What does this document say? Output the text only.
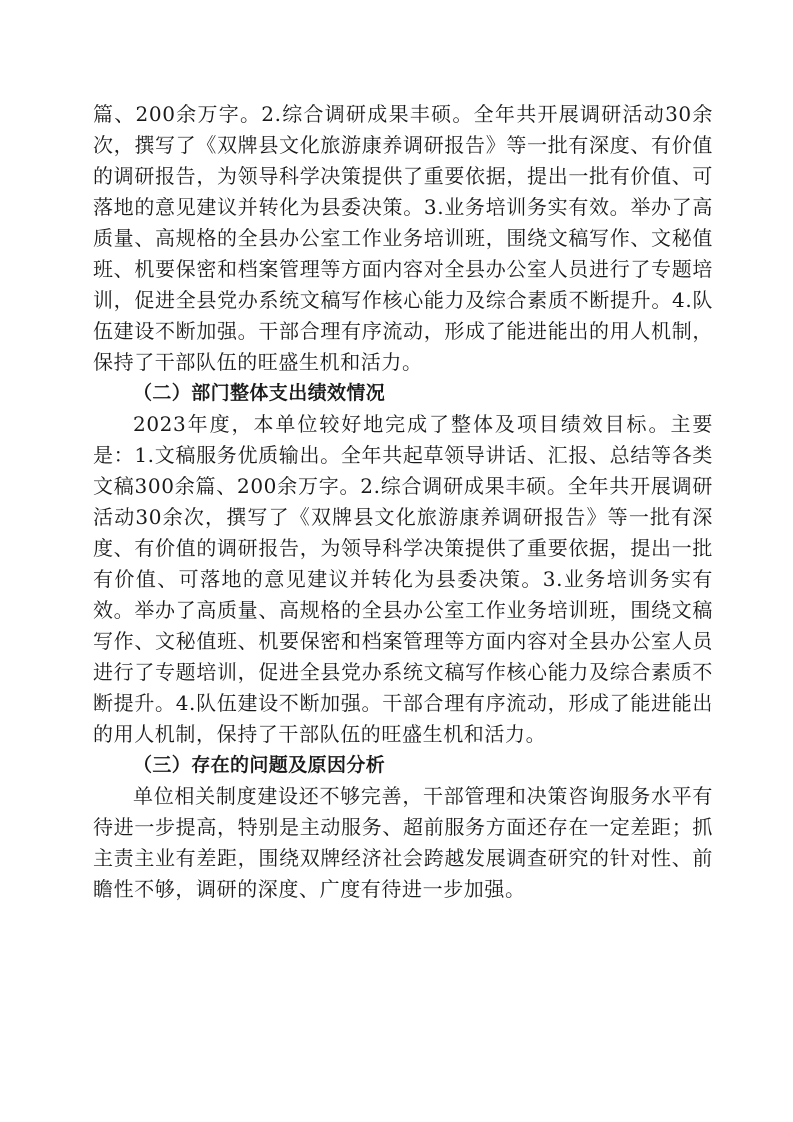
篇、200余万字。2.综合调研成果丰硕。全年共开展调研活动30余次，撰写了《双牌县文化旅游康养调研报告》等一批有深度、有价值的调研报告，为领导科学决策提供了重要依据，提出一批有价值、可落地的意见建议并转化为县委决策。3.业务培训务实有效。举办了高质量、高规格的全县办公室工作业务培训班，围绕文稿写作、文秘值班、机要保密和档案管理等方面内容对全县办公室人员进行了专题培训，促进全县党办系统文稿写作核心能力及综合素质不断提升。4.队伍建设不断加强。干部合理有序流动，形成了能进能出的用人机制，保持了干部队伍的旺盛生机和活力。

（二）部门整体支出绩效情况

2023年度，本单位较好地完成了整体及项目绩效目标。主要是：1.文稿服务优质输出。全年共起草领导讲话、汇报、总结等各类文稿300余篇、200余万字。2.综合调研成果丰硕。全年共开展调研活动30余次，撰写了《双牌县文化旅游康养调研报告》等一批有深度、有价值的调研报告，为领导科学决策提供了重要依据，提出一批有价值、可落地的意见建议并转化为县委决策。3.业务培训务实有效。举办了高质量、高规格的全县办公室工作业务培训班，围绕文稿写作、文秘值班、机要保密和档案管理等方面内容对全县办公室人员进行了专题培训，促进全县党办系统文稿写作核心能力及综合素质不断提升。4.队伍建设不断加强。干部合理有序流动，形成了能进能出的用人机制，保持了干部队伍的旺盛生机和活力。

（三）存在的问题及原因分析

单位相关制度建设还不够完善，干部管理和决策咨询服务水平有待进一步提高，特别是主动服务、超前服务方面还存在一定差距；抓主责主业有差距，围绕双牌经济社会跨越发展调查研究的针对性、前瞻性不够，调研的深度、广度有待进一步加强。
